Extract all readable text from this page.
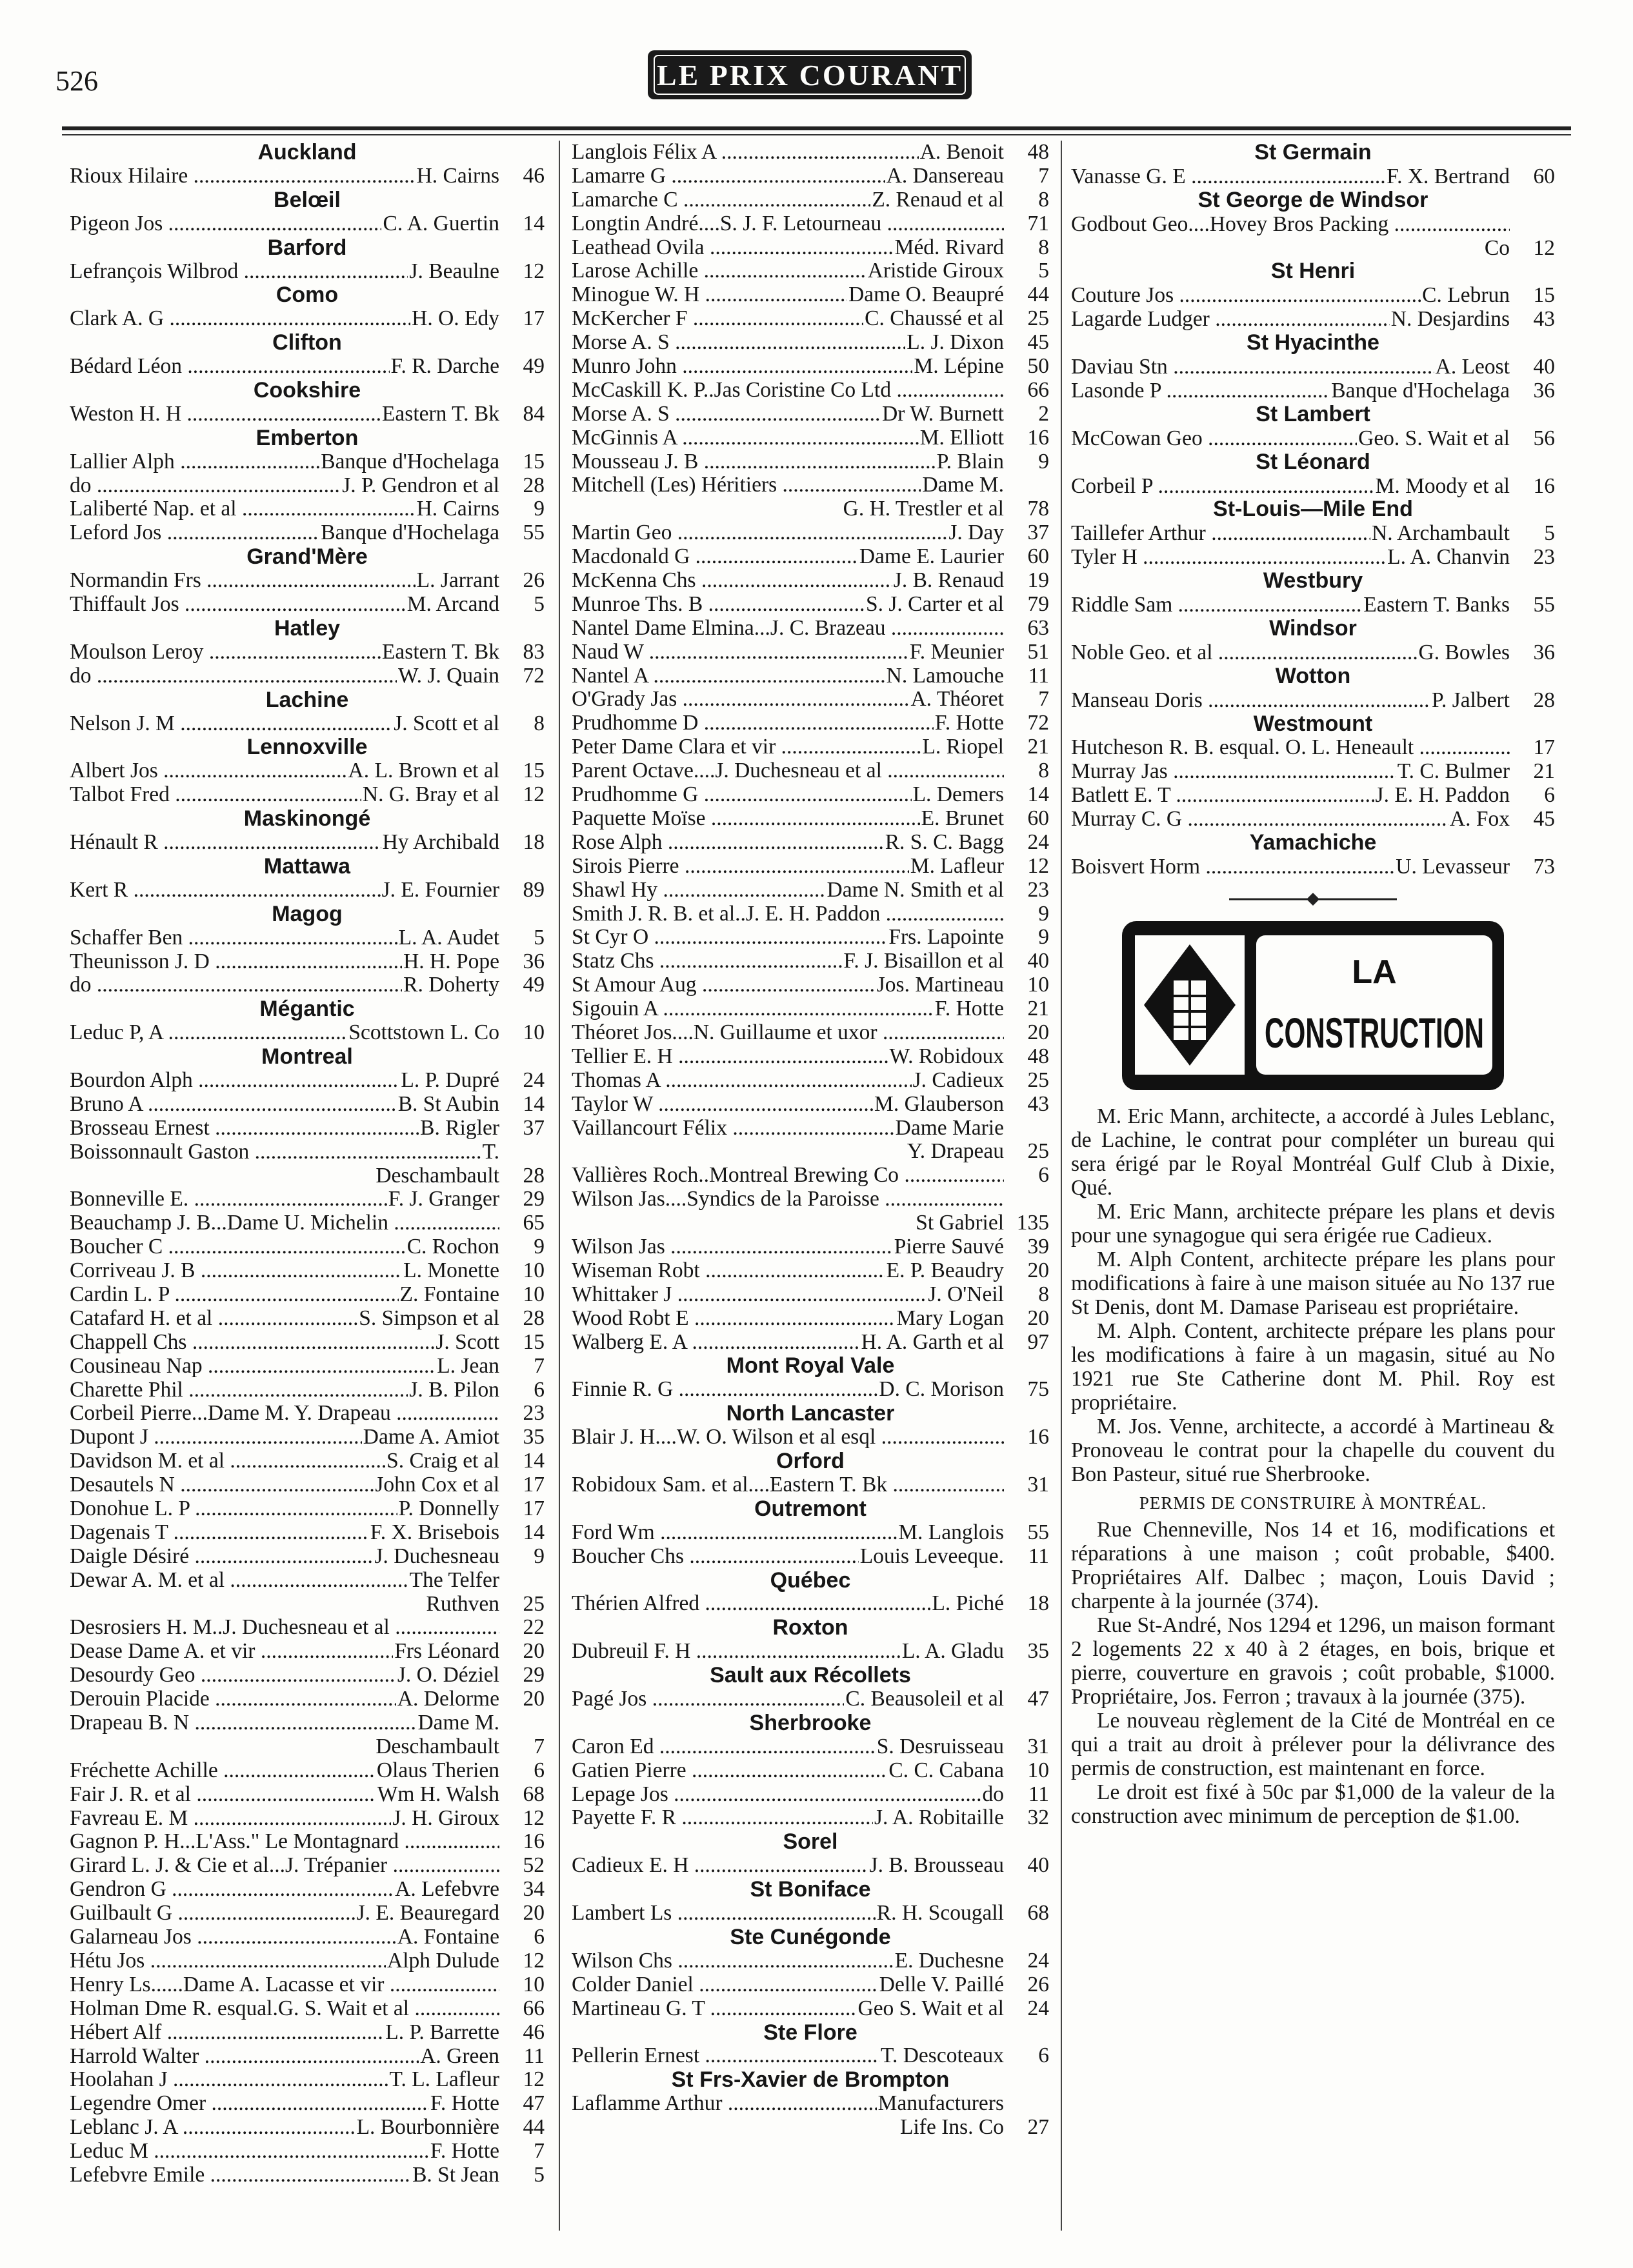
526	LE PRIX COURANT
Auckland
Rioux Hilaire .....	H. Cairns	46
Belœil
Pigeon Jos .....	C. A. Guertin	14
Barford
Lefrançois Wilbrod .....	J. Beaulne	12
Como
Clark A. G .....	H. O. Edy	17
Clifton
Bédard Léon .....	F. R. Darche	49
Cookshire
Weston H. H .....	Eastern T. Bk	84
Emberton
Lallier Alph .....	Banque d'Hochelaga	15
do .....	J. P. Gendron et al	28
Laliberté Nap. et al .....	H. Cairns	9
Leford Jos .....	Banque d'Hochelaga	55
Grand'Mère
Normandin Frs .....	L. Jarrant	26
Thiffault Jos .....	M. Arcand	5
Hatley
Moulson Leroy .....	Eastern T. Bk	83
do .....	W. J. Quain	72
Lachine
Nelson J. M .....	J. Scott et al	8
Lennoxville
Albert Jos .....	A. L. Brown et al	15
Talbot Fred .....	N. G. Bray et al	12
Maskinongé
Hénault R .....	Hy Archibald	18
Mattawa
Kert R .....	J. E. Fournier	89
Magog
Schaffer Ben .....	L. A. Audet	5
Theunisson J. D .....	H. H. Pope	36
do .....	R. Doherty	49
Mégantic
Leduc P, A .....	Scottstown L. Co	10
Montreal
Bourdon Alph .....	L. P. Dupré	24
Bruno A .....	B. St Aubin	14
Brosseau Ernest .....	B. Rigler	37
Boissonnault Gaston .....	T.
Deschambault	28
Bonneville E. .....	F. J. Granger	29
Beauchamp J. B...Dame U. Michelin .....	65
Boucher C .....	C. Rochon	9
Corriveau J. B .....	L. Monette	10
Cardin L. P .....	Z. Fontaine	10
Catafard H. et al .....	S. Simpson et al	28
Chappell Chs .....	J. Scott	15
Cousineau Nap .....	L. Jean	7
Charette Phil .....	J. B. Pilon	6
Corbeil Pierre...Dame M. Y. Drapeau .....	23
Dupont J .....	Dame A. Amiot	35
Davidson M. et al .....	S. Craig et al	14
Desautels N .....	John Cox et al	17
Donohue L. P .....	P. Donnelly	17
Dagenais T .....	F. X. Brisebois	14
Daigle Désiré .....	J. Duchesneau	9
Dewar A. M. et al .....	The Telfer
Ruthven	25
Desrosiers H. M..J. Duchesneau et al .....	22
Dease Dame A. et vir .....	Frs Léonard	20
Desourdy Geo .....	J. O. Déziel	29
Derouin Placide .....	A. Delorme	20
Drapeau B. N .....	Dame M.
Deschambault	7
Fréchette Achille .....	Olaus Therien	6
Fair J. R. et al .....	Wm H. Walsh	68
Favreau E. M .....	J. H. Giroux	12
Gagnon P. H...L'Ass." Le Montagnard .....	16
Girard L. J. & Cie et al...J. Trépanier .....	52
Gendron G .....	A. Lefebvre	34
Guilbault G .....	J. E. Beauregard	20
Galarneau Jos .....	A. Fontaine	6
Hétu Jos .....	Alph Dulude	12
Henry Ls......Dame A. Lacasse et vir .....	10
Holman Dme R. esqual.G. S. Wait et al .....	66
Hébert Alf .....	L. P. Barrette	46
Harrold Walter .....	A. Green	11
Hoolahan J .....	T. L. Lafleur	12
Legendre Omer .....	F. Hotte	47
Leblanc J. A .....	L. Bourbonnière	44
Leduc M .....	F. Hotte	7
Lefebvre Emile .....	B. St Jean	5
Langlois Félix A .....	A. Benoit	48
Lamarre G .....	A. Dansereau	7
Lamarche C .....	Z. Renaud et al	8
Longtin André....S. J. F. Letourneau .....	71
Leathead Ovila .....	Méd. Rivard	8
Larose Achille .....	Aristide Giroux	5
Minogue W. H .....	Dame O. Beaupré	44
McKercher F .....	C. Chaussé et al	25
Morse A. S .....	L. J. Dixon	45
Munro John .....	M. Lépine	50
McCaskill K. P..Jas Coristine Co Ltd .....	66
Morse A. S .....	Dr W. Burnett	2
McGinnis A .....	M. Elliott	16
Mousseau J. B .....	P. Blain	9
Mitchell (Les) Héritiers .....	Dame M.
G. H. Trestler et al	78
Martin Geo .....	J. Day	37
Macdonald G .....	Dame E. Laurier	60
McKenna Chs .....	J. B. Renaud	19
Munroe Ths. B .....	S. J. Carter et al	79
Nantel Dame Elmina...J. C. Brazeau .....	63
Naud W .....	F. Meunier	51
Nantel A .....	N. Lamouche	11
O'Grady Jas .....	A. Théoret	7
Prudhomme D .....	F. Hotte	72
Peter Dame Clara et vir .....	L. Riopel	21
Parent Octave....J. Duchesneau et al .....	8
Prudhomme G .....	L. Demers	14
Paquette Moïse .....	E. Brunet	60
Rose Alph .....	R. S. C. Bagg	24
Sirois Pierre .....	M. Lafleur	12
Shawl Hy .....	Dame N. Smith et al	23
Smith J. R. B. et al..J. E. H. Paddon .....	9
St Cyr O .....	Frs. Lapointe	9
Statz Chs .....	F. J. Bisaillon et al	40
St Amour Aug .....	Jos. Martineau	10
Sigouin A .....	F. Hotte	21
Théoret Jos....N. Guillaume et uxor .....	20
Tellier E. H .....	W. Robidoux	48
Thomas A .....	J. Cadieux	25
Taylor W .....	M. Glauberson	43
Vaillancourt Félix .....	Dame Marie
Y. Drapeau	25
Vallières Roch..Montreal Brewing Co .....	6
Wilson Jas....Syndics de la Paroisse .....
St Gabriel 135
Wilson Jas .....	Pierre Sauvé	39
Wiseman Robt .....	E. P. Beaudry	20
Whittaker J .....	J. O'Neil	8
Wood Robt E .....	Mary Logan	20
Walberg E. A .....	H. A. Garth et al	97
Mont Royal Vale
Finnie R. G .....	D. C. Morison	75
North Lancaster
Blair J. H....W. O. Wilson et al esql .....	16
Orford
Robidoux Sam. et al....Eastern T. Bk .....	31
Outremont
Ford Wm .....	M. Langlois	55
Boucher Chs .....	Louis Leveeque.	11
Québec
Thérien Alfred .....	L. Piché	18
Roxton
Dubreuil F. H .....	L. A. Gladu	35
Sault aux Récollets
Pagé Jos .....	C. Beausoleil et al	47
Sherbrooke
Caron Ed .....	S. Desruisseau	31
Gatien Pierre .....	C. C. Cabana	10
Lepage Jos .....	do	11
Payette F. R .....	J. A. Robitaille	32
Sorel
Cadieux E. H .....	J. B. Brousseau	40
St Boniface
Lambert Ls .....	R. H. Scougall	68
Ste Cunégonde
Wilson Chs .....	E. Duchesne	24
Colder Daniel .....	Delle V. Paillé	26
Martineau G. T .....	Geo S. Wait et al	24
Ste Flore
Pellerin Ernest .....	T. Descoteaux	6
St Frs-Xavier de Brompton
Laflamme Arthur .....	Manufacturers
Life Ins. Co	27
St Germain
Vanasse G. E .....	F. X. Bertrand	60
St George de Windsor
Godbout Geo....Hovey Bros Packing .....
Co	12
St Henri
Couture Jos .....	C. Lebrun	15
Lagarde Ludger .....	N. Desjardins	43
St Hyacinthe
Daviau Stn .....	A. Leost	40
Lasonde P .....	Banque d'Hochelaga	36
St Lambert
McCowan Geo .....	Geo. S. Wait et al	56
St Léonard
Corbeil P .....	M. Moody et al	16
St-Louis—Mile End
Taillefer Arthur .....	N. Archambault	5
Tyler H .....	L. A. Chanvin	23
Westbury
Riddle Sam .....	Eastern T. Banks	55
Windsor
Noble Geo. et al .....	G. Bowles	36
Wotton
Manseau Doris .....	P. Jalbert	28
Westmount
Hutcheson R. B. esqual. O. L. Heneault .....	17
Murray Jas .....	T. C. Bulmer	21
Batlett E. T .....	J. E. H. Paddon	6
Murray C. G .....	A. Fox	45
Yamachiche
Boisvert Horm .....	U. Levasseur	73
LA
CONSTRUCTION

M. Eric Mann, architecte, a accordé à Jules Leblanc, de Lachine, le contrat pour compléter un bureau qui sera érigé par le Royal Montréal Gulf Club à Dixie, Qué.

M. Eric Mann, architecte prépare les plans et devis pour une synagogue qui sera érigée rue Cadieux.

M. Alph Content, architecte prépare les plans pour modifications à faire à une maison située au No 137 rue St Denis, dont M. Damase Pariseau est propriétaire.

M. Alph. Content, architecte prépare les plans pour les modifications à faire à un magasin, situé au No 1921 rue Ste Catherine dont M. Phil. Roy est propriétaire.

M. Jos. Venne, architecte, a accordé à Martineau & Pronoveau le contrat pour la chapelle du couvent du Bon Pasteur, situé rue Sherbrooke.

PERMIS DE CONSTRUIRE À MONTRÉAL.

Rue Chenneville, Nos 14 et 16, modifications et réparations à une maison ; coût probable, $400. Propriétaires Alf. Dalbec ; maçon, Louis David ; charpente à la journée (374).

Rue St-André, Nos 1294 et 1296, un maison formant 2 logements 22 x 40 à 2 étages, en bois, brique et pierre, couverture en gravois ; coût probable, $1000. Propriétaire, Jos. Ferron ; travaux à la journée (375).

Le nouveau règlement de la Cité de Montréal en ce qui a trait au droit à prélever pour la délivrance des permis de construction, est maintenant en force.

Le droit est fixé à 50c par $1,000 de la valeur de la construction avec minimum de perception de $1.00.
